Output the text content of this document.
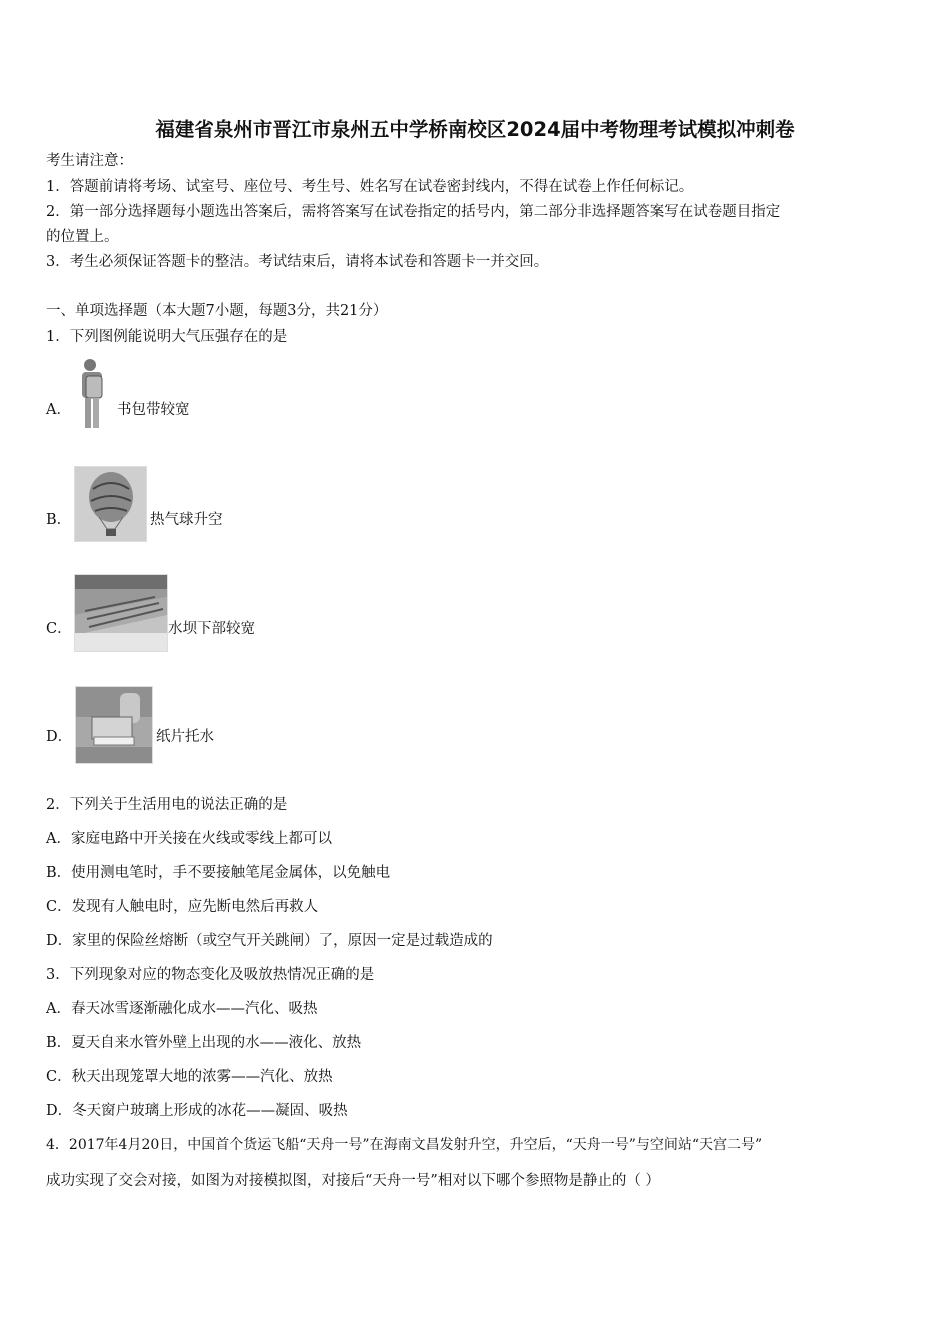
福建省泉州市晋江市泉州五中学桥南校区2024届中考物理考试模拟冲刺卷
考生请注意：
1．答题前请将考场、试室号、座位号、考生号、姓名写在试卷密封线内，不得在试卷上作任何标记。
2．第一部分选择题每小题选出答案后，需将答案写在试卷指定的括号内，第二部分非选择题答案写在试卷题目指定
的位置上。
3．考生必须保证答题卡的整洁。考试结束后，请将本试卷和答题卡一并交回。
一、单项选择题（本大题7小题，每题3分，共21分）
1．下列图例能说明大气压强存在的是
A．	书包带较宽
B．	热气球升空
C．	水坝下部较宽
D．	纸片托水
2．下列关于生活用电的说法正确的是
A．家庭电路中开关接在火线或零线上都可以
B．使用测电笔时，手不要接触笔尾金属体，以免触电
C．发现有人触电时，应先断电然后再救人
D．家里的保险丝熔断（或空气开关跳闸）了，原因一定是过载造成的
3．下列现象对应的物态变化及吸放热情况正确的是
A．春天冰雪逐渐融化成水——汽化、吸热
B．夏天自来水管外壁上出现的水——液化、放热
C．秋天出现笼罩大地的浓雾——汽化、放热
D．冬天窗户玻璃上形成的冰花——凝固、吸热
4．2017年4月20日，中国首个货运飞船“天舟一号”在海南文昌发射升空，升空后，“天舟一号”与空间站“天宫二号”
成功实现了交会对接，如图为对接模拟图，对接后“天舟一号”相对以下哪个参照物是静止的（ ）
